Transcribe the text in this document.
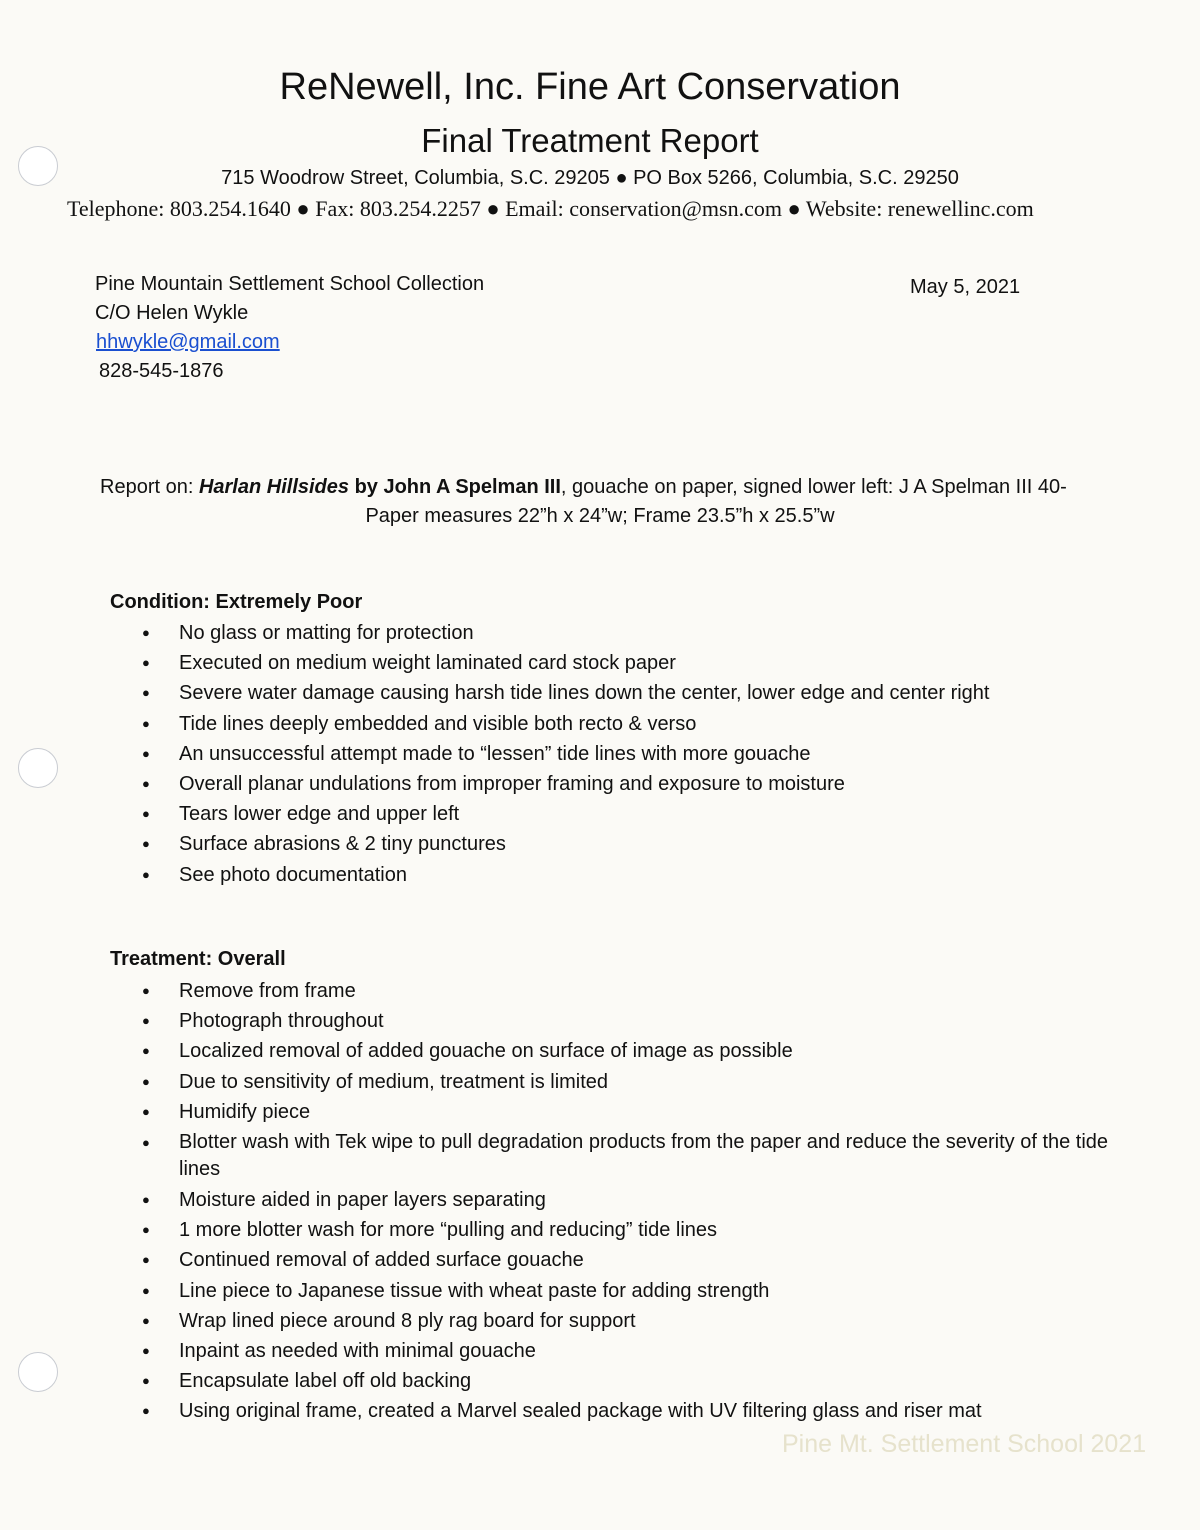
ReNewell, Inc. Fine Art Conservation
Final Treatment Report
715 Woodrow Street, Columbia, S.C. 29205 ● PO Box 5266, Columbia, S.C. 29250
Telephone: 803.254.1640 ● Fax: 803.254.2257 ● Email: conservation@msn.com ● Website: renewellinc.com
Pine Mountain Settlement School Collection
C/O Helen Wykle
hhwykle@gmail.com
828-545-1876
May 5, 2021
Report on: Harlan Hillsides by John A Spelman III, gouache on paper, signed lower left: J A Spelman III 40-
Paper measures 22”h x 24”w; Frame 23.5”h x 25.5”w
Condition: Extremely Poor
● No glass or matting for protection
● Executed on medium weight laminated card stock paper
● Severe water damage causing harsh tide lines down the center, lower edge and center right
● Tide lines deeply embedded and visible both recto & verso
● An unsuccessful attempt made to “lessen” tide lines with more gouache
● Overall planar undulations from improper framing and exposure to moisture
● Tears lower edge and upper left
● Surface abrasions & 2 tiny punctures
● See photo documentation
Treatment: Overall
● Remove from frame
● Photograph throughout
● Localized removal of added gouache on surface of image as possible
● Due to sensitivity of medium, treatment is limited
● Humidify piece
● Blotter wash with Tek wipe to pull degradation products from the paper and reduce the severity of the tide lines
● Moisture aided in paper layers separating
● 1 more blotter wash for more “pulling and reducing” tide lines
● Continued removal of added surface gouache
● Line piece to Japanese tissue with wheat paste for adding strength
● Wrap lined piece around 8 ply rag board for support
● Inpaint as needed with minimal gouache
● Encapsulate label off old backing
● Using original frame, created a Marvel sealed package with UV filtering glass and riser mat
Pine Mt. Settlement School 2021
